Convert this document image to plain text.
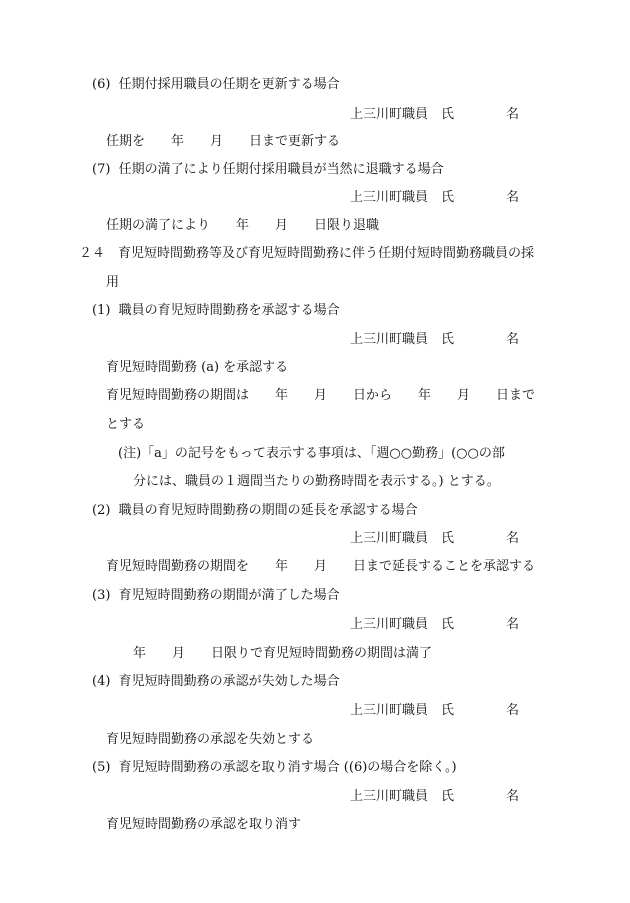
(6)  任期付採用職員の任期を更新する場合
上三川町職員　氏　　　　名
任期を　　年　　月　　日まで更新する
(7)  任期の満了により任期付採用職員が当然に退職する場合
上三川町職員　氏　　　　名
任期の満了により　　年　　月　　日限り退職
２４　育児短時間勤務等及び育児短時間勤務に伴う任期付短時間勤務職員の採
用
(1)  職員の育児短時間勤務を承認する場合
上三川町職員　氏　　　　名
育児短時間勤務 (a) を承認する
育児短時間勤務の期間は　　年　　月　　日から　　年　　月　　日まで
とする
(注)「a」の記号をもって表示する事項は、「週○○勤務」(○○の部
分には、職員の１週間当たりの勤務時間を表示する。) とする。
(2)  職員の育児短時間勤務の期間の延長を承認する場合
上三川町職員　氏　　　　名
育児短時間勤務の期間を　　年　　月　　日まで延長することを承認する
(3)  育児短時間勤務の期間が満了した場合
上三川町職員　氏　　　　名
年　　月　　日限りで育児短時間勤務の期間は満了
(4)  育児短時間勤務の承認が失効した場合
上三川町職員　氏　　　　名
育児短時間勤務の承認を失効とする
(5)  育児短時間勤務の承認を取り消す場合 ((6)の場合を除く。)
上三川町職員　氏　　　　名
育児短時間勤務の承認を取り消す
